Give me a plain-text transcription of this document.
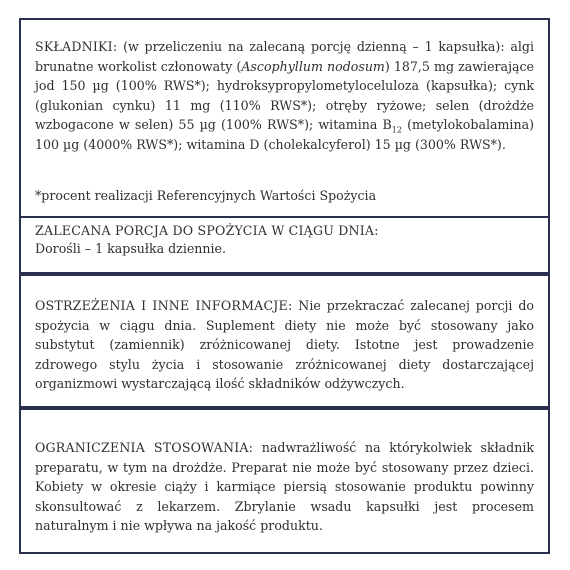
SKŁADNIKI: (w przeliczeniu na zalecaną porcję dzienną – 1 kapsułka): algi brunatne workolist członowaty (Ascophyllum nodosum) 187,5 mg zawierające jod 150 µg (100% RWS*); hydroksypropylometyloceluloza (kapsułka); cynk (glukonian cynku) 11 mg (110% RWS*); otręby ryżowe; selen (drożdże wzbogacone w selen) 55 µg (100% RWS*); witamina $B_{12}$ (metylokobalamina) 100 µg (4000% RWS*); witamina D (cholekalcyferol) 15 µg (300% RWS*).
*procent realizacji Referencyjnych Wartości Spożycia
ZALECANA PORCJA DO SPOŻYCIA W CIĄGU DNIA:
Dorośli – 1 kapsułka dziennie.
OSTRZEŻENIA I INNE INFORMACJE: Nie przekraczać zalecanej porcji do spożycia w ciągu dnia. Suplement diety nie może być stosowany jako substytut (zamiennik) zróżnicowanej diety. Istotne jest prowadzenie zdrowego stylu życia i stosowanie zróżnicowanej diety dostarczającej organizmowi wystarczającą ilość składników odżywczych.
OGRANICZENIA STOSOWANIA: nadwrażliwość na którykolwiek składnik preparatu, w tym na drożdże. Preparat nie może być stosowany przez dzieci. Kobiety w okresie ciąży i karmiące piersią stosowanie produktu powinny skonsultować z lekarzem. Zbrylanie wsadu kapsułki jest procesem naturalnym i nie wpływa na jakość produktu.
